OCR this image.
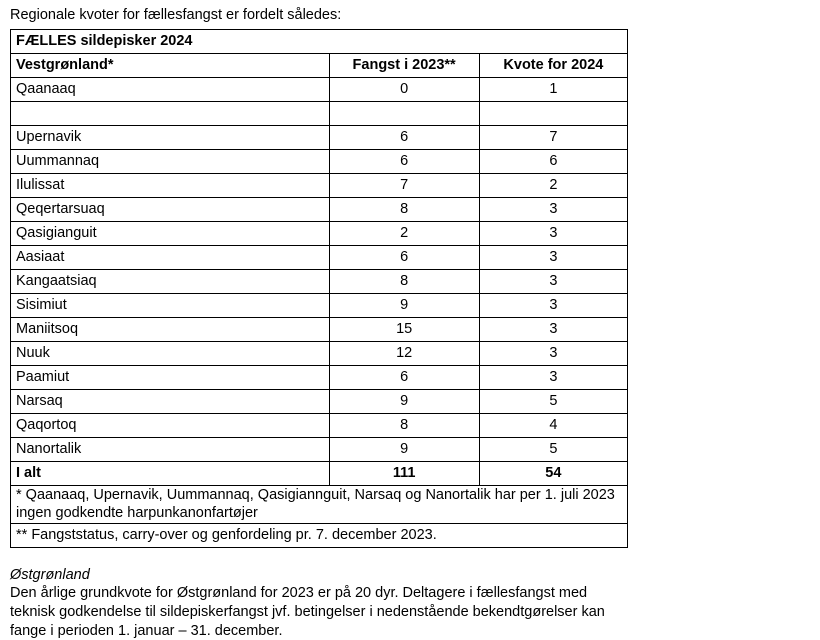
Regionale kvoter for fællesfangst er fordelt således:
FÆLLES sildepisker 2024		
Vestgrønland*	Fangst i 2023**	Kvote for 2024
Qaanaaq	0	1

Upernavik	6	7
Uummannaq	6	6
Ilulissat	7	2
Qeqertarsuaq	8	3
Qasigianguit	2	3
Aasiaat	6	3
Kangaatsiaq	8	3
Sisimiut	9	3
Maniitsoq	15	3
Nuuk	12	3
Paamiut	6	3
Narsaq	9	5
Qaqortoq	8	4
Nanortalik	9	5
I alt	111	54
* Qaanaaq, Upernavik, Uummannaq, Qasigiannguit, Narsaq og Nanortalik har per 1. juli 2023 ingen godkendte harpunkanonfartøjer		
** Fangststatus, carry-over og genfordeling pr. 7. december 2023.		
Østgrønland
Den årlige grundkvote for Østgrønland for 2023 er på 20 dyr. Deltagere i fællesfangst med teknisk godkendelse til sildepiskerfangst jvf. betingelser i nedenstående bekendtgørelser kan fange i perioden 1. januar – 31. december.
